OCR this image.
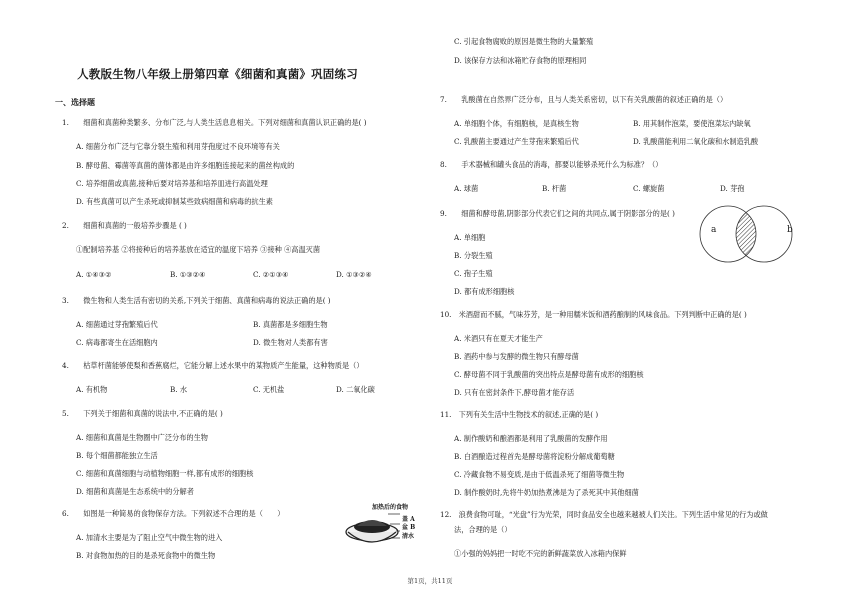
人教版生物八年级上册第四章《细菌和真菌》巩固练习
一、选择题
1.　　细菌和真菌种类繁多、分布广泛,与人类生活息息相关。下列对细菌和真菌认识正确的是( )
A. 细菌分布广泛与它靠分裂生殖和利用芽孢度过不良环境等有关
B. 酵母菌、霉菌等真菌的菌体都是由许多细胞连接起来的菌丝构成的
C. 培养细菌或真菌,接种后要对培养基和培养皿进行高温处理
D. 有些真菌可以产生杀死或抑制某些致病细菌和病毒的抗生素
2.　　细菌和真菌的一般培养步骤是 ( )
①配制培养基 ②将接种后的培养基放在适宜的温度下培养 ③接种 ④高温灭菌
A. ①④③②	B. ①③②④	C. ②①③④	D. ①③②④
3.　　微生物和人类生活有密切的关系,下列关于细菌、真菌和病毒的说法正确的是( )
A. 细菌通过芽孢繁殖后代	B. 真菌都是多细胞生物
C. 病毒都寄生在活细胞内	D. 微生物对人类都有害
4.　　枯草杆菌能够使梨和香蕉腐烂，它能分解上述水果中的某物质产生能量，这种物质是（）
A. 有机物	B. 水	C. 无机盐	D. 二氧化碳
5.　　下列关于细菌和真菌的说法中,不正确的是( )
A. 细菌和真菌是生物圈中广泛分布的生物
B. 每个细菌都能独立生活
C. 细菌和真菌细胞与动植物细胞一样,都有成形的细胞核
D. 细菌和真菌是生态系统中的分解者
6.　　如图是一种简易的食物保存方法。下列叙述不合理的是（　　）
A. 加清水主要是为了阻止空气中微生物的进入
B. 对食物加热的目的是杀死食物中的微生物
加热后的食物
盖 A
盆 B
清水
C. 引起食物腐败的原因是微生物的大量繁殖
D. 该保存方法和冰箱贮存食物的原理相同
7.　　乳酸菌在自然界广泛分布，且与人类关系密切，以下有关乳酸菌的叙述正确的是（）
A. 单细胞个体，有细胞核，是真核生物	B. 用其制作泡菜，要使泡菜坛内缺氧
C. 乳酸菌主要通过产生芽孢来繁殖后代	D. 乳酸菌能利用二氧化碳和水制造乳酸
8.　　手术器械和罐头食品的消毒，都要以能够杀死什么为标准？（）
A. 球菌	B. 杆菌	C. 螺旋菌	D. 芽孢
9.　　细菌和酵母菌,阴影部分代表它们之间的共同点,属于阴影部分的是( )
A. 单细胞
B. 分裂生殖
C. 孢子生殖
D. 都有成形细胞核
a	b
10.　米酒甜而不腻，气味芬芳，是一种用糯米饭和酒药酿制的风味食品。下列判断中正确的是( )
A. 米酒只有在夏天才能生产
B. 酒药中参与发酵的微生物只有酵母菌
C. 酵母菌不同于乳酸菌的突出特点是酵母菌有成形的细胞核
D. 只有在密封条件下,酵母菌才能存活
11.　下列有关生活中生物技术的叙述,正确的是( )
A. 制作酸奶和酿酒都是利用了乳酸菌的发酵作用
B. 白酒酿造过程首先是酵母菌将淀粉分解成葡萄糖
C. 冷藏食物不易变质,是由于低温杀死了细菌等微生物
D. 制作酸奶时,先将牛奶加热煮沸是为了杀死其中其他细菌
12.　浪费食物可耻，“光盘”行为光荣，同时食品安全也越来越被人们关注。下列生活中常见的行为或做
法，合理的是（）
①小强的妈妈把一时吃不完的新鲜蔬菜放入冰箱内保鲜
第1页，共11页
